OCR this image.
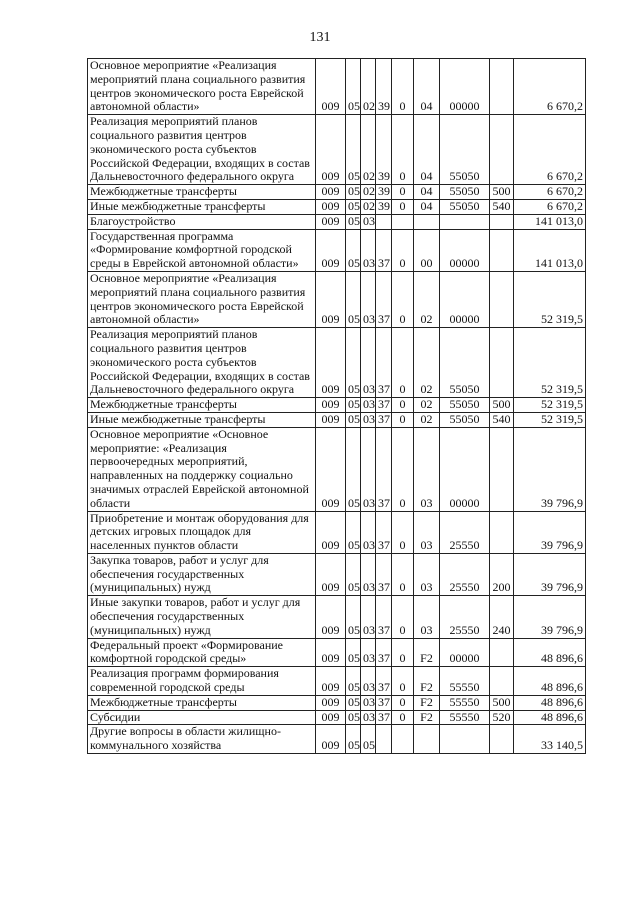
131
Основное мероприятие «Реализация мероприятий плана социального развития центров экономического роста Еврейской автономной области»	009	05	02	39	0	04	00000		6 670,2
Реализация мероприятий планов социального развития центров экономического роста субъектов Российской Федерации, входящих в состав Дальневосточного федерального округа	009	05	02	39	0	04	55050		6 670,2
Межбюджетные трансферты	009	05	02	39	0	04	55050	500	6 670,2
Иные межбюджетные трансферты	009	05	02	39	0	04	55050	540	6 670,2
Благоустройство	009	05	03						141 013,0
Государственная программа «Формирование комфортной городской среды в Еврейской автономной области»	009	05	03	37	0	00	00000		141 013,0
Основное мероприятие «Реализация мероприятий плана социального развития центров экономического роста Еврейской автономной области»	009	05	03	37	0	02	00000		52 319,5
Реализация мероприятий планов социального развития центров экономического роста субъектов Российской Федерации, входящих в состав Дальневосточного федерального округа	009	05	03	37	0	02	55050		52 319,5
Межбюджетные трансферты	009	05	03	37	0	02	55050	500	52 319,5
Иные межбюджетные трансферты	009	05	03	37	0	02	55050	540	52 319,5
Основное мероприятие «Основное мероприятие: «Реализация первоочередных мероприятий, направленных на поддержку социально значимых отраслей Еврейской автономной области	009	05	03	37	0	03	00000		39 796,9
Приобретение и монтаж оборудования для детских игровых площадок для населенных пунктов области	009	05	03	37	0	03	25550		39 796,9
Закупка товаров, работ и услуг для обеспечения государственных (муниципальных) нужд	009	05	03	37	0	03	25550	200	39 796,9
Иные закупки товаров, работ и услуг для обеспечения государственных (муниципальных) нужд	009	05	03	37	0	03	25550	240	39 796,9
Федеральный проект «Формирование комфортной городской среды»	009	05	03	37	0	F2	00000		48 896,6
Реализация программ формирования современной городской среды	009	05	03	37	0	F2	55550		48 896,6
Межбюджетные трансферты	009	05	03	37	0	F2	55550	500	48 896,6
Субсидии	009	05	03	37	0	F2	55550	520	48 896,6
Другие вопросы в области жилищно-коммунального хозяйства	009	05	05						33 140,5
